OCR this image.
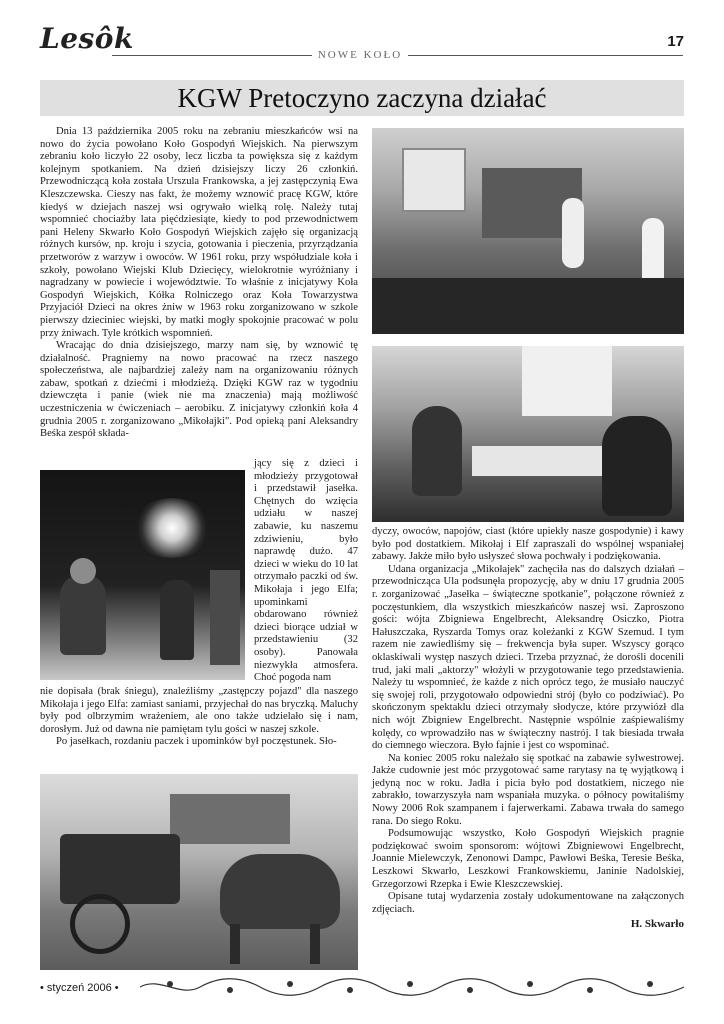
Lesôk	NOWE KOŁO
17
KGW Pretoczyno zaczyna działać

Dnia 13 października 2005 roku na zebraniu mieszkańców wsi na nowo do życia powołano Koło Gospodyń Wiejskich. Na pierwszym zebraniu koło liczyło 22 osoby, lecz liczba ta powiększa się z każdym kolejnym spotkaniem. Na dzień dzisiejszy liczy 26 członkiń. Przewodniczącą koła została Urszula Frankowska, a jej zastępczynią Ewa Kleszczewska. Cieszy nas fakt, że możemy wznowić pracę KGW, które kiedyś w dziejach naszej wsi ogrywało wielką rolę. Należy tutaj wspomnieć chociażby lata pięćdziesiąte, kiedy to pod przewodnictwem pani Heleny Skwarło Koło Gospodyń Wiejskich zajęło się organizacją różnych kursów, np. kroju i szycia, gotowania i pieczenia, przyrządzania przetworów z warzyw i owoców. W 1961 roku, przy współudziale koła i szkoły, powołano Wiejski Klub Dziecięcy, wielokrotnie wyróżniany i nagradzany w powiecie i województwie. To właśnie z inicjatywy Koła Gospodyń Wiejskich, Kółka Rolniczego oraz Koła Towarzystwa Przyjaciół Dzieci na okres żniw w 1963 roku zorganizowano w szkole pierwszy dzieciniec wiejski, by matki mogły spokojnie pracować w polu przy żniwach. Tyle krótkich wspomnień.

Wracając do dnia dzisiejszego, marzy nam się, by wznowić tę działalność. Pragniemy na nowo pracować na rzecz naszego społeczeństwa, ale najbardziej zależy nam na organizowaniu różnych zabaw, spotkań z dziećmi i młodzieżą. Dzięki KGW raz w tygodniu dziewczęta i panie (wiek nie ma znaczenia) mają możliwość uczestniczenia w ćwiczeniach – aerobiku. Z inicjatywy członkiń koła 4 grudnia 2005 r. zorganizowano „Mikołajki". Pod opieką pani Aleksandry Beśka zespół składa-

jący się z dzieci i młodzieży przygotował i przedstawił jasełka. Chętnych do wzięcia udziału w naszej zabawie, ku naszemu zdziwieniu, było naprawdę dużo. 47 dzieci w wieku do 10 lat otrzymało paczki od św. Mikołaja i jego Elfa; upominkami obdarowano również dzieci biorące udział w przedstawieniu (32 osoby). Panowała niezwykła atmosfera. Choć pogoda nam

nie dopisała (brak śniegu), znaleźliśmy „zastępczy pojazd" dla naszego Mikołaja i jego Elfa: zamiast saniami, przyjechał do nas bryczką. Maluchy były pod olbrzymim wrażeniem, ale ono także udzielało się i nam, dorosłym. Już od dawna nie pamiętam tylu gości w naszej szkole.

Po jasełkach, rozdaniu paczek i upominków był poczęstunek. Sło-

dyczy, owoców, napojów, ciast (które upiekły nasze gospodynie) i kawy było pod dostatkiem. Mikołaj i Elf zapraszali do wspólnej wspaniałej zabawy. Jakże miło było usłyszeć słowa pochwały i podziękowania.

Udana organizacja „Mikołajek" zachęciła nas do dalszych działań – przewodnicząca Ula podsunęła propozycję, aby w dniu 17 grudnia 2005 r. zorganizować „Jasełka – świąteczne spotkanie", połączone również z poczęstunkiem, dla wszystkich mieszkańców naszej wsi. Zaproszono gości: wójta Zbigniewa Engelbrecht, Aleksandrę Osiczko, Piotra Hałuszczaka, Ryszarda Tomys oraz koleżanki z KGW Szemud. I tym razem nie zawiedliśmy się – frekwencja była super. Wszyscy gorąco oklaskiwali występ naszych dzieci. Trzeba przyznać, że dorośli docenili trud, jaki mali „aktorzy" włożyli w przygotowanie tego przedstawienia. Należy tu wspomnieć, że każde z nich oprócz tego, że musiało nauczyć się swojej roli, przygotowało odpowiedni strój (było co podziwiać). Po skończonym spektaklu dzieci otrzymały słodycze, które przywiózł dla nich wójt Zbigniew Engelbrecht. Następnie wspólnie zaśpiewaliśmy kolędy, co wprowadziło nas w świąteczny nastrój. I tak biesiada trwała do ciemnego wieczora. Było fajnie i jest co wspominać.

Na koniec 2005 roku należało się spotkać na zabawie sylwestrowej. Jakże cudownie jest móc przygotować same rarytasy na tę wyjątkową i jedyną noc w roku. Jadła i picia było pod dostatkiem, niczego nie zabrakło, towarzyszyła nam wspaniała muzyka. o północy powitaliśmy Nowy 2006 Rok szampanem i fajerwerkami. Zabawa trwała do samego rana. Do siego Roku.

Podsumowując wszystko, Koło Gospodyń Wiejskich pragnie podziękować swoim sponsorom: wójtowi Zbigniewowi Engelbrecht, Joannie Mielewczyk, Zenonowi Dampc, Pawłowi Beśka, Teresie Beśka, Leszkowi Skwarło, Leszkowi Frankowskiemu, Janinie Nadolskiej, Grzegorzowi Rzepka i Ewie Kleszczewskiej.

Opisane tutaj wydarzenia zostały udokumentowane na załączonych zdjęciach.

H. Skwarło
• styczeń 2006 •
